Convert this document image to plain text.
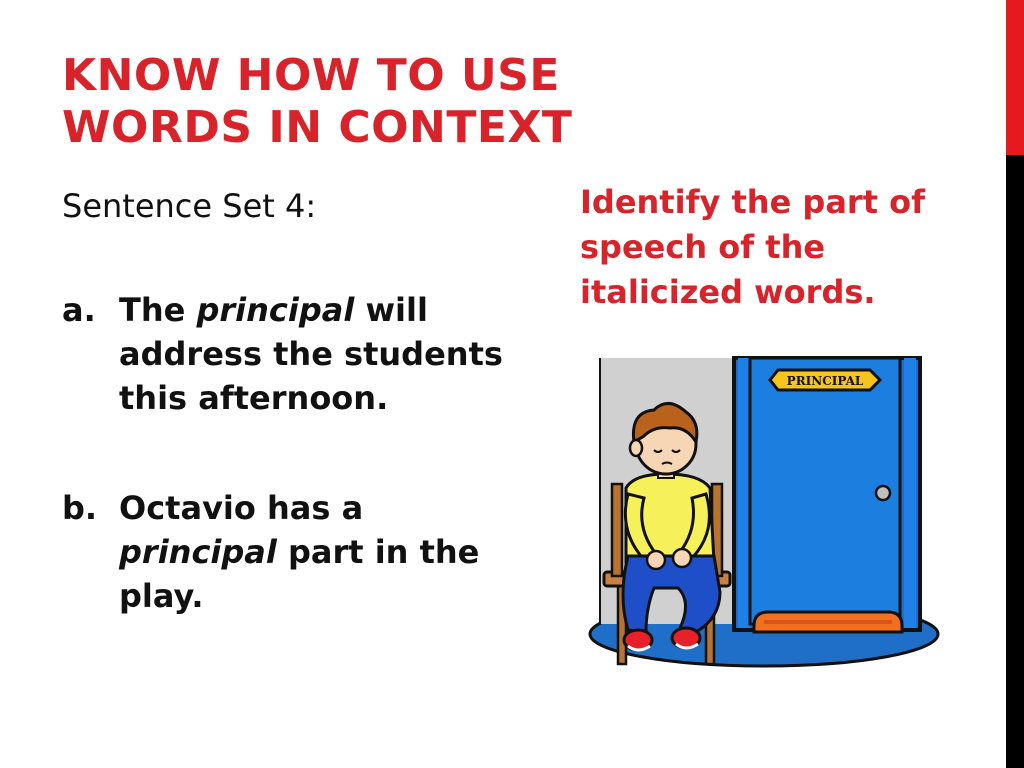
KNOW HOW TO USE
WORDS IN CONTEXT

Sentence Set 4:

a. The principal will address the students this afternoon.

b. Octavio has a principal part in the play.

Identify the part of speech of the italicized words.
PRINCIPAL
